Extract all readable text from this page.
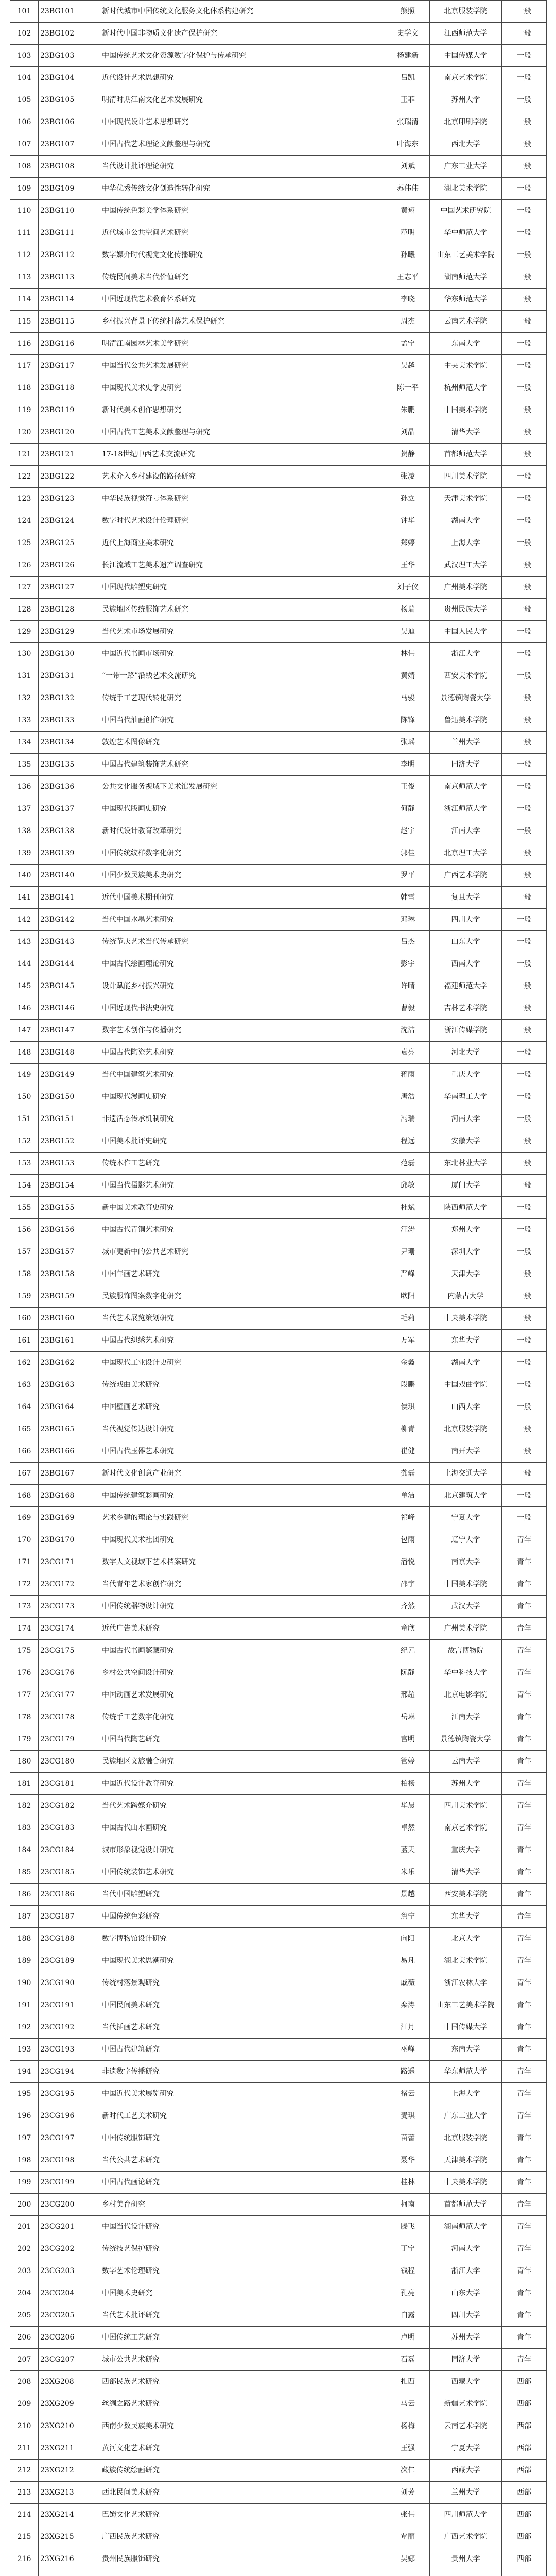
101	23BG101	新时代城市中国传统文化服务文化体系构建研究	熊照	北京服装学院	一般
102	23BG102	新时代中国非物质文化遗产保护研究	史学文	江西师范大学	一般
103	23BG103	中国传统艺术文化资源数字化保护与传承研究	杨建新	中国传媒大学	一般
104	23BG104	近代设计艺术思想研究	吕凯	南京艺术学院	一般
105	23BG105	明清时期江南文化艺术发展研究	王菲	苏州大学	一般
106	23BG106	中国现代设计艺术思想研究	张瑞清	北京印刷学院	一般
107	23BG107	中国古代艺术理论文献整理与研究	叶海东	西北大学	一般
108	23BG108	当代设计批评理论研究	刘斌	广东工业大学	一般
109	23BG109	中华优秀传统文化创造性转化研究	苏伟伟	湖北美术学院	一般
110	23BG110	中国传统色彩美学体系研究	黄翔	中国艺术研究院	一般
111	23BG111	近代城市公共空间艺术研究	范明	华中师范大学	一般
112	23BG112	数字媒介时代视觉文化传播研究	孙曦	山东工艺美术学院	一般
113	23BG113	传统民间美术当代价值研究	王志平	湖南师范大学	一般
114	23BG114	中国近现代艺术教育体系研究	李晓	华东师范大学	一般
115	23BG115	乡村振兴背景下传统村落艺术保护研究	周杰	云南艺术学院	一般
116	23BG116	明清江南园林艺术美学研究	孟宁	东南大学	一般
117	23BG117	中国当代公共艺术发展研究	吴越	中央美术学院	一般
118	23BG118	中国现代美术史学史研究	陈一平	杭州师范大学	一般
119	23BG119	新时代美术创作思想研究	朱鹏	中国美术学院	一般
120	23BG120	中国古代工艺美术文献整理与研究	刘晶	清华大学	一般
121	23BG121	17-18世纪中西艺术交流研究	贺静	首都师范大学	一般
122	23BG122	艺术介入乡村建设的路径研究	张凌	四川美术学院	一般
123	23BG123	中华民族视觉符号体系研究	孙立	天津美术学院	一般
124	23BG124	数字时代艺术设计伦理研究	钟华	湖南大学	一般
125	23BG125	近代上海商业美术研究	郑婷	上海大学	一般
126	23BG126	长江流域工艺美术遗产调查研究	王华	武汉理工大学	一般
127	23BG127	中国现代雕塑史研究	刘子仪	广州美术学院	一般
128	23BG128	民族地区传统服饰艺术研究	杨瑞	贵州民族大学	一般
129	23BG129	当代艺术市场发展研究	吴迪	中国人民大学	一般
130	23BG130	中国近代书画市场研究	林伟	浙江大学	一般
131	23BG131	“一带一路”沿线艺术交流研究	黄婧	西安美术学院	一般
132	23BG132	传统手工艺现代转化研究	马骏	景德镇陶瓷大学	一般
133	23BG133	中国当代油画创作研究	陈锋	鲁迅美术学院	一般
134	23BG134	敦煌艺术图像研究	张瑶	兰州大学	一般
135	23BG135	中国古代建筑装饰艺术研究	李明	同济大学	一般
136	23BG136	公共文化服务视域下美术馆发展研究	王俊	南京师范大学	一般
137	23BG137	中国现代版画史研究	何静	浙江师范大学	一般
138	23BG138	新时代设计教育改革研究	赵宇	江南大学	一般
139	23BG139	中国传统纹样数字化研究	郭佳	北京理工大学	一般
140	23BG140	中国少数民族美术史研究	罗平	广西艺术学院	一般
141	23BG141	近代中国美术期刊研究	韩雪	复旦大学	一般
142	23BG142	当代中国水墨艺术研究	邓琳	四川大学	一般
143	23BG143	传统节庆艺术当代传承研究	吕杰	山东大学	一般
144	23BG144	中国古代绘画理论研究	彭宇	西南大学	一般
145	23BG145	设计赋能乡村振兴研究	许晴	福建师范大学	一般
146	23BG146	中国近现代书法史研究	曹毅	吉林艺术学院	一般
147	23BG147	数字艺术创作与传播研究	沈洁	浙江传媒学院	一般
148	23BG148	中国古代陶瓷艺术研究	袁亮	河北大学	一般
149	23BG149	当代中国建筑艺术研究	蒋雨	重庆大学	一般
150	23BG150	中国现代漫画史研究	唐浩	华南理工大学	一般
151	23BG151	非遗活态传承机制研究	冯瑞	河南大学	一般
152	23BG152	中国美术批评史研究	程远	安徽大学	一般
153	23BG153	传统木作工艺研究	范磊	东北林业大学	一般
154	23BG154	中国当代摄影艺术研究	邱敏	厦门大学	一般
155	23BG155	新中国美术教育史研究	杜斌	陕西师范大学	一般
156	23BG156	中国古代青铜艺术研究	汪涛	郑州大学	一般
157	23BG157	城市更新中的公共艺术研究	尹珊	深圳大学	一般
158	23BG158	中国年画艺术研究	严峰	天津大学	一般
159	23BG159	民族服饰图案数字化研究	欧阳	内蒙古大学	一般
160	23BG160	当代艺术展览策划研究	毛莉	中央美术学院	一般
161	23BG161	中国古代织绣艺术研究	万军	东华大学	一般
162	23BG162	中国现代工业设计史研究	金鑫	湖南大学	一般
163	23BG163	传统戏曲美术研究	段鹏	中国戏曲学院	一般
164	23BG164	中国壁画艺术研究	侯琪	山西大学	一般
165	23BG165	当代视觉传达设计研究	柳青	北京服装学院	一般
166	23BG166	中国古代玉器艺术研究	崔健	南开大学	一般
167	23BG167	新时代文化创意产业研究	龚磊	上海交通大学	一般
168	23BG168	中国传统建筑彩画研究	单洁	北京建筑大学	一般
169	23BG169	艺术乡建的理论与实践研究	祁峰	宁夏大学	一般
170	23BG170	中国现代美术社团研究	包雨	辽宁大学	青年
171	23CG171	数字人文视域下艺术档案研究	潘悦	南京大学	青年
172	23CG172	当代青年艺术家创作研究	邵宇	中国美术学院	青年
173	23CG173	中国传统器物设计研究	齐然	武汉大学	青年
174	23CG174	近代广告美术研究	童欣	广州美术学院	青年
175	23CG175	中国古代书画鉴藏研究	纪元	故宫博物院	青年
176	23CG176	乡村公共空间设计研究	阮静	华中科技大学	青年
177	23CG177	中国动画艺术发展研究	邢超	北京电影学院	青年
178	23CG178	传统手工艺数字化研究	岳琳	江南大学	青年
179	23CG179	中国当代陶艺研究	宫明	景德镇陶瓷大学	青年
180	23CG180	民族地区文旅融合研究	管婷	云南大学	青年
181	23CG181	中国近代设计教育研究	柏杨	苏州大学	青年
182	23CG182	当代艺术跨媒介研究	华晨	四川美术学院	青年
183	23CG183	中国古代山水画研究	卓然	南京艺术学院	青年
184	23CG184	城市形象视觉设计研究	蓝天	重庆大学	青年
185	23CG185	中国传统装饰艺术研究	米乐	清华大学	青年
186	23CG186	当代中国雕塑研究	景越	西安美术学院	青年
187	23CG187	中国传统色彩研究	詹宁	东华大学	青年
188	23CG188	数字博物馆设计研究	向阳	北京大学	青年
189	23CG189	中国现代美术思潮研究	易凡	湖北美术学院	青年
190	23CG190	传统村落景观研究	戚薇	浙江农林大学	青年
191	23CG191	中国民间美术研究	栾涛	山东工艺美术学院	青年
192	23CG192	当代插画艺术研究	江月	中国传媒大学	青年
193	23CG193	中国古代建筑研究	巫峰	东南大学	青年
194	23CG194	非遗数字传播研究	路遥	华东师范大学	青年
195	23CG195	中国近代美术展览研究	褚云	上海大学	青年
196	23CG196	新时代工艺美术研究	麦琪	广东工业大学	青年
197	23CG197	中国传统服饰研究	苗蕾	北京服装学院	青年
198	23CG198	当代公共艺术研究	聂华	天津美术学院	青年
199	23CG199	中国古代画论研究	桂林	中央美术学院	青年
200	23CG200	乡村美育研究	柯南	首都师范大学	青年
201	23CG201	中国当代设计研究	滕飞	湖南师范大学	青年
202	23CG202	传统技艺保护研究	丁宁	河南大学	青年
203	23CG203	数字艺术伦理研究	钱程	浙江大学	青年
204	23CG204	中国美术史研究	孔亮	山东大学	青年
205	23CG205	当代艺术批评研究	白露	四川大学	青年
206	23CG206	中国传统工艺研究	卢明	苏州大学	青年
207	23CG207	城市公共艺术研究	石磊	同济大学	青年
208	23XG208	西部民族艺术研究	扎西	西藏大学	西部
209	23XG209	丝绸之路艺术研究	马云	新疆艺术学院	西部
210	23XG210	西南少数民族美术研究	杨梅	云南艺术学院	西部
211	23XG211	黄河文化艺术研究	王强	宁夏大学	西部
212	23XG212	藏族传统绘画研究	次仁	西藏大学	西部
213	23XG213	西北民间美术研究	刘芳	兰州大学	西部
214	23XG214	巴蜀文化艺术研究	张伟	四川师范大学	西部
215	23XG215	广西民族艺术研究	覃丽	广西艺术学院	西部
216	23XG216	贵州民族服饰研究	吴娜	贵州大学	西部
